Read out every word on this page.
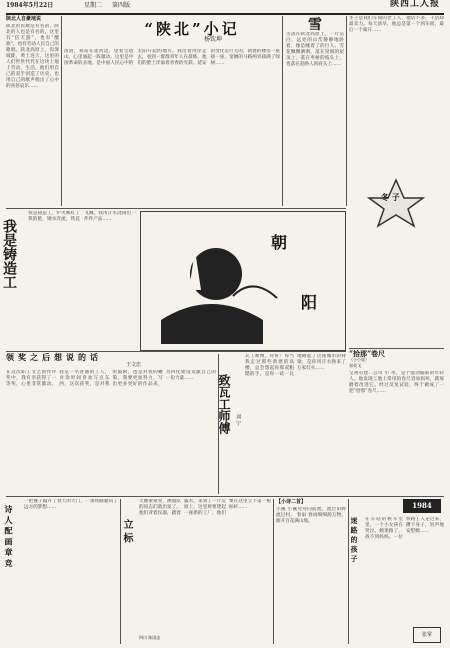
1984年5月22日	星期二 第四版	陕西工人报
陕北人自豪地说
陕北的民歌是有名的，陕北的人也是有名的，这里有“信天游”，也有“酸曲”，也有劳动人民自己的歌唱。陕北高原上，沟深坡陡，黄土连天，这里的人们世世代代在这块土地上劳动、生活，他们用自己的双手创造了历史，也用自己的歌声唱出了心中的喜怒哀乐……
“陕北”小记
杨钦坤
清晨，我站在延河边，望着宝塔山，心里涌起一阵激动。这里是中国革命的圣地，是中国人民心中的太阳升起的地方。我沿着河岸走去，看到一群群青年人在晨练，他们的脸上洋溢着青春的光彩。延安的变化是巨大的，新建的楼房一座接一座，宽阔的马路两旁栽满了绿树……
雪
雪落在陕北高原上，一片洁白，远处的山峦静静地卧着，像是睡着了的巨人。雪花飘飘洒洒，落在窑洞的屋顶上，落在枣树的枝头上，也落在赶路人的肩头上……
冬子是我们车间的老工人，他话不多，干活却最卖力。每天清早，他总是第一个到车间，最后一个离开……
冬 子
我是铸造工
我是铸造工，炉火映红了我的脸，钢水奔流，铁花飞溅，我用汗水浇铸出一件件产品……
朝
阳
领奖之后想说的话
王文忠
在这次职工文艺创作评奖中，我有幸获得了一等奖，心里非常激动。我是一名普通的工人，业余时间喜欢写点东西，这次获奖，是对我的鼓励，也是对我的鞭策。我要更加努力，写出更多更好的作品来，为四化建设贡献自己的一份力量……	致瓦工师傅 刘 宁
瓦工师傅，你好！每当我走过那些新建的高楼，总会想起你那双粗糙的手。是你一砖一瓦地砌起了这座城市的脊梁，是你用汗水换来了万家灯火……
“拾那”卷尺
（小小说）
祁英飞
宝鸡有建二公司 小 李，是个爱动脑筋的年轻人。他发现工地上常用的卷尺容易损坏，就琢磨着改进它。经过反复试验，终于做成了一把“拾那”卷尺……
诗 人 配 画 章 竞
一把锤子敲开了春天的大门，一条铁路通向了远方的梦想……
立 标
天刚蒙蒙亮，测量队的同志们就出发了。他们背着仪器，踏着露水，来到了一片荒原上。这里将要建起一座新的工厂，他们要在这里立下第一根标杆……
四川 陈国忠
【小诗二首】
小溪 小溪弯弯向前流，流过田野流过村。 春雨 春雨细细润万物，催开百花满山坡。
1984
迷 路 的 孩 子 在车站的候车室里，一个小女孩在哭泣。她迷路了，找不到妈妈。一位铁路工人走过来，蹲下身子，轻声地安慰她……
张掌
